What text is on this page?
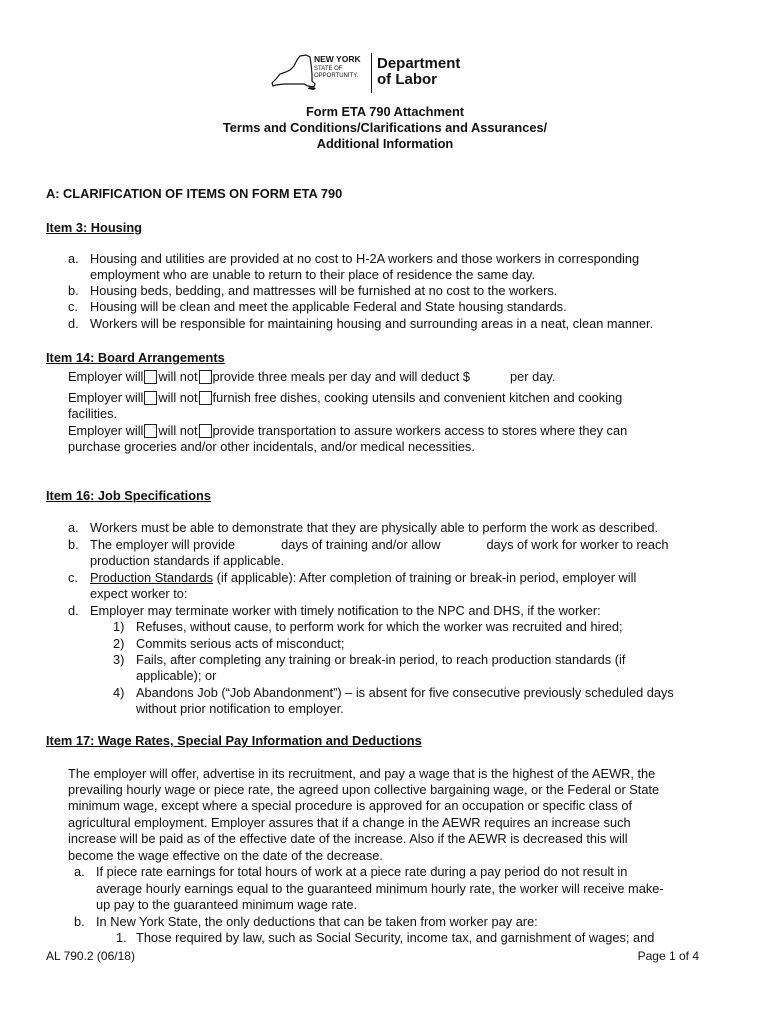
NEW YORK
STATE OF
OPPORTUNITY.
Department
of Labor
Form ETA 790 Attachment
Terms and Conditions/Clarifications and Assurances/
Additional Information
A: CLARIFICATION OF ITEMS ON FORM ETA 790
Item 3: Housing
a. Housing and utilities are provided at no cost to H-2A workers and those workers in corresponding
employment who are unable to return to their place of residence the same day.
b. Housing beds, bedding, and mattresses will be furnished at no cost to the workers.
c. Housing will be clean and meet the applicable Federal and State housing standards.
d. Workers will be responsible for maintaining housing and surrounding areas in a neat, clean manner.
Item 14: Board Arrangements
Employer will will not provide three meals per day and will deduct $	per day.
Employer will will not furnish free dishes, cooking utensils and convenient kitchen and cooking
facilities.
Employer will will not provide transportation to assure workers access to stores where they can
purchase groceries and/or other incidentals, and/or medical necessities.
Item 16: Job Specifications
a. Workers must be able to demonstrate that they are physically able to perform the work as described.
b. The employer will provide	days of training and/or allow	days of work for worker to reach
production standards if applicable.
c. Production Standards (if applicable): After completion of training or break-in period, employer will
expect worker to:
d. Employer may terminate worker with timely notification to the NPC and DHS, if the worker:
1) Refuses, without cause, to perform work for which the worker was recruited and hired;
2) Commits serious acts of misconduct;
3) Fails, after completing any training or break-in period, to reach production standards (if
applicable); or
4) Abandons Job (“Job Abandonment”) – is absent for five consecutive previously scheduled days
without prior notification to employer.
Item 17: Wage Rates, Special Pay Information and Deductions
The employer will offer, advertise in its recruitment, and pay a wage that is the highest of the AEWR, the
prevailing hourly wage or piece rate, the agreed upon collective bargaining wage, or the Federal or State
minimum wage, except where a special procedure is approved for an occupation or specific class of
agricultural employment. Employer assures that if a change in the AEWR requires an increase such
increase will be paid as of the effective date of the increase. Also if the AEWR is decreased this will
become the wage effective on the date of the decrease.
a. If piece rate earnings for total hours of work at a piece rate during a pay period do not result in
average hourly earnings equal to the guaranteed minimum hourly rate, the worker will receive make-
up pay to the guaranteed minimum wage rate.
b. In New York State, the only deductions that can be taken from worker pay are:
1. Those required by law, such as Social Security, income tax, and garnishment of wages; and
AL 790.2 (06/18)	Page 1 of 4
